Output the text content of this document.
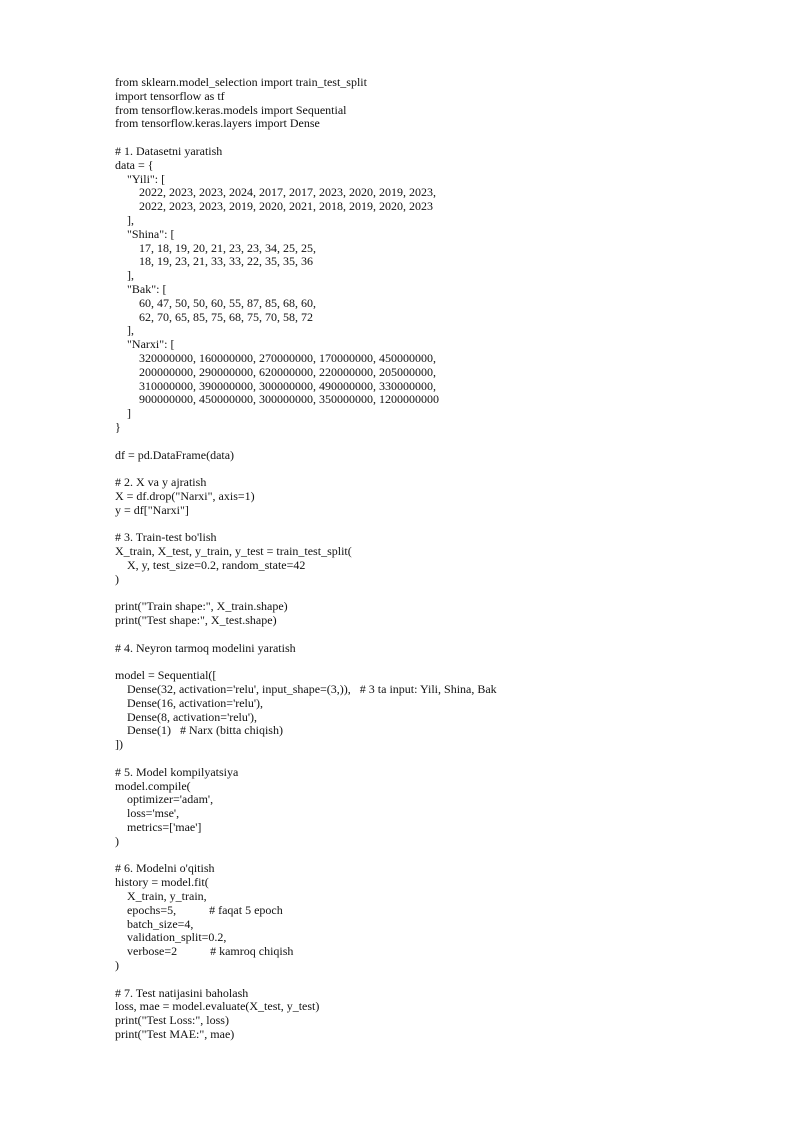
from sklearn.model_selection import train_test_split
import tensorflow as tf
from tensorflow.keras.models import Sequential
from tensorflow.keras.layers import Dense
# 1. Datasetni yaratish
data = {
"Yili": [
2022, 2023, 2023, 2024, 2017, 2017, 2023, 2020, 2019, 2023,
2022, 2023, 2023, 2019, 2020, 2021, 2018, 2019, 2020, 2023
],
"Shina": [
17, 18, 19, 20, 21, 23, 23, 34, 25, 25,
18, 19, 23, 21, 33, 33, 22, 35, 35, 36
],
"Bak": [
60, 47, 50, 50, 60, 55, 87, 85, 68, 60,
62, 70, 65, 85, 75, 68, 75, 70, 58, 72
],
"Narxi": [
320000000, 160000000, 270000000, 170000000, 450000000,
200000000, 290000000, 620000000, 220000000, 205000000,
310000000, 390000000, 300000000, 490000000, 330000000,
900000000, 450000000, 300000000, 350000000, 1200000000
]
}
df = pd.DataFrame(data)
# 2. X va y ajratish
X = df.drop("Narxi", axis=1)
y = df["Narxi"]
# 3. Train-test bo'lish
X_train, X_test, y_train, y_test = train_test_split(
X, y, test_size=0.2, random_state=42
)
print("Train shape:", X_train.shape)
print("Test shape:", X_test.shape)
# 4. Neyron tarmoq modelini yaratish
model = Sequential([
Dense(32, activation='relu', input_shape=(3,)),   # 3 ta input: Yili, Shina, Bak
Dense(16, activation='relu'),
Dense(8, activation='relu'),
Dense(1)   # Narx (bitta chiqish)
])
# 5. Model kompilyatsiya
model.compile(
optimizer='adam',
loss='mse',
metrics=['mae']
)
# 6. Modelni o'qitish
history = model.fit(
X_train, y_train,
epochs=5,           # faqat 5 epoch
batch_size=4,
validation_split=0.2,
verbose=2           # kamroq chiqish
)
# 7. Test natijasini baholash
loss, mae = model.evaluate(X_test, y_test)
print("Test Loss:", loss)
print("Test MAE:", mae)
